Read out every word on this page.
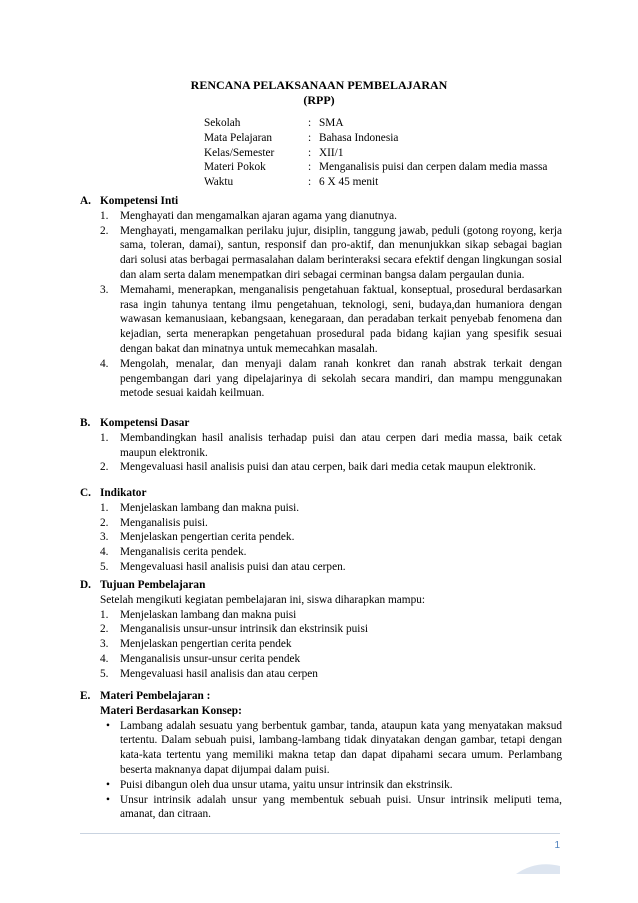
RENCANA PELAKSANAAN PEMBELAJARAN
(RPP)
Sekolah	: SMA
Mata Pelajaran	: Bahasa Indonesia
Kelas/Semester	: XII/1
Materi Pokok	: Menganalisis puisi dan cerpen dalam media massa
Waktu	: 6 X 45 menit
A. Kompetensi Inti
1.	Menghayati dan mengamalkan ajaran agama yang dianutnya.
2.	Menghayati, mengamalkan perilaku jujur, disiplin, tanggung jawab, peduli (gotong royong, kerja sama, toleran, damai), santun, responsif dan pro-aktif, dan menunjukkan sikap sebagai bagian dari solusi atas berbagai permasalahan dalam berinteraksi secara efektif dengan lingkungan sosial dan alam serta dalam menempatkan diri sebagai cerminan bangsa dalam pergaulan dunia.
3.	Memahami, menerapkan, menganalisis pengetahuan faktual, konseptual, prosedural berdasarkan rasa ingin tahunya tentang ilmu pengetahuan, teknologi, seni, budaya,dan humaniora dengan wawasan kemanusiaan, kebangsaan, kenegaraan, dan peradaban terkait penyebab fenomena dan kejadian, serta menerapkan pengetahuan prosedural pada bidang kajian yang spesifik sesuai dengan bakat dan minatnya untuk memecahkan masalah.
4.	Mengolah, menalar, dan menyaji dalam ranah konkret dan ranah abstrak terkait dengan pengembangan dari yang dipelajarinya di sekolah secara mandiri, dan mampu menggunakan metode sesuai kaidah keilmuan.
B. Kompetensi Dasar
1.	Membandingkan hasil analisis terhadap puisi dan atau cerpen dari media massa, baik cetak maupun elektronik.
2.	Mengevaluasi hasil analisis puisi dan atau cerpen, baik dari media cetak maupun elektronik.
C. Indikator
1.	Menjelaskan lambang dan makna puisi.
2.	Menganalisis puisi.
3.	Menjelaskan pengertian cerita pendek.
4.	Menganalisis cerita pendek.
5.	Mengevaluasi hasil analisis puisi dan atau cerpen.
D. Tujuan Pembelajaran
Setelah mengikuti kegiatan pembelajaran ini, siswa diharapkan mampu:
1.	Menjelaskan lambang dan makna puisi
2.	Menganalisis unsur-unsur intrinsik dan ekstrinsik puisi
3.	Menjelaskan pengertian cerita pendek
4.	Menganalisis unsur-unsur cerita pendek
5.	Mengevaluasi hasil analisis dan atau cerpen
E. Materi Pembelajaran :
Materi Berdasarkan Konsep:
• Lambang adalah sesuatu yang berbentuk gambar, tanda, ataupun kata yang menyatakan maksud tertentu. Dalam sebuah puisi, lambang-lambang tidak dinyatakan dengan gambar, tetapi dengan kata-kata tertentu yang memiliki makna tetap dan dapat dipahami secara umum. Perlambang beserta maknanya dapat dijumpai dalam puisi.
• Puisi dibangun oleh dua unsur utama, yaitu unsur intrinsik dan ekstrinsik.
• Unsur intrinsik adalah unsur yang membentuk sebuah puisi. Unsur intrinsik meliputi tema, amanat, dan citraan.
1
